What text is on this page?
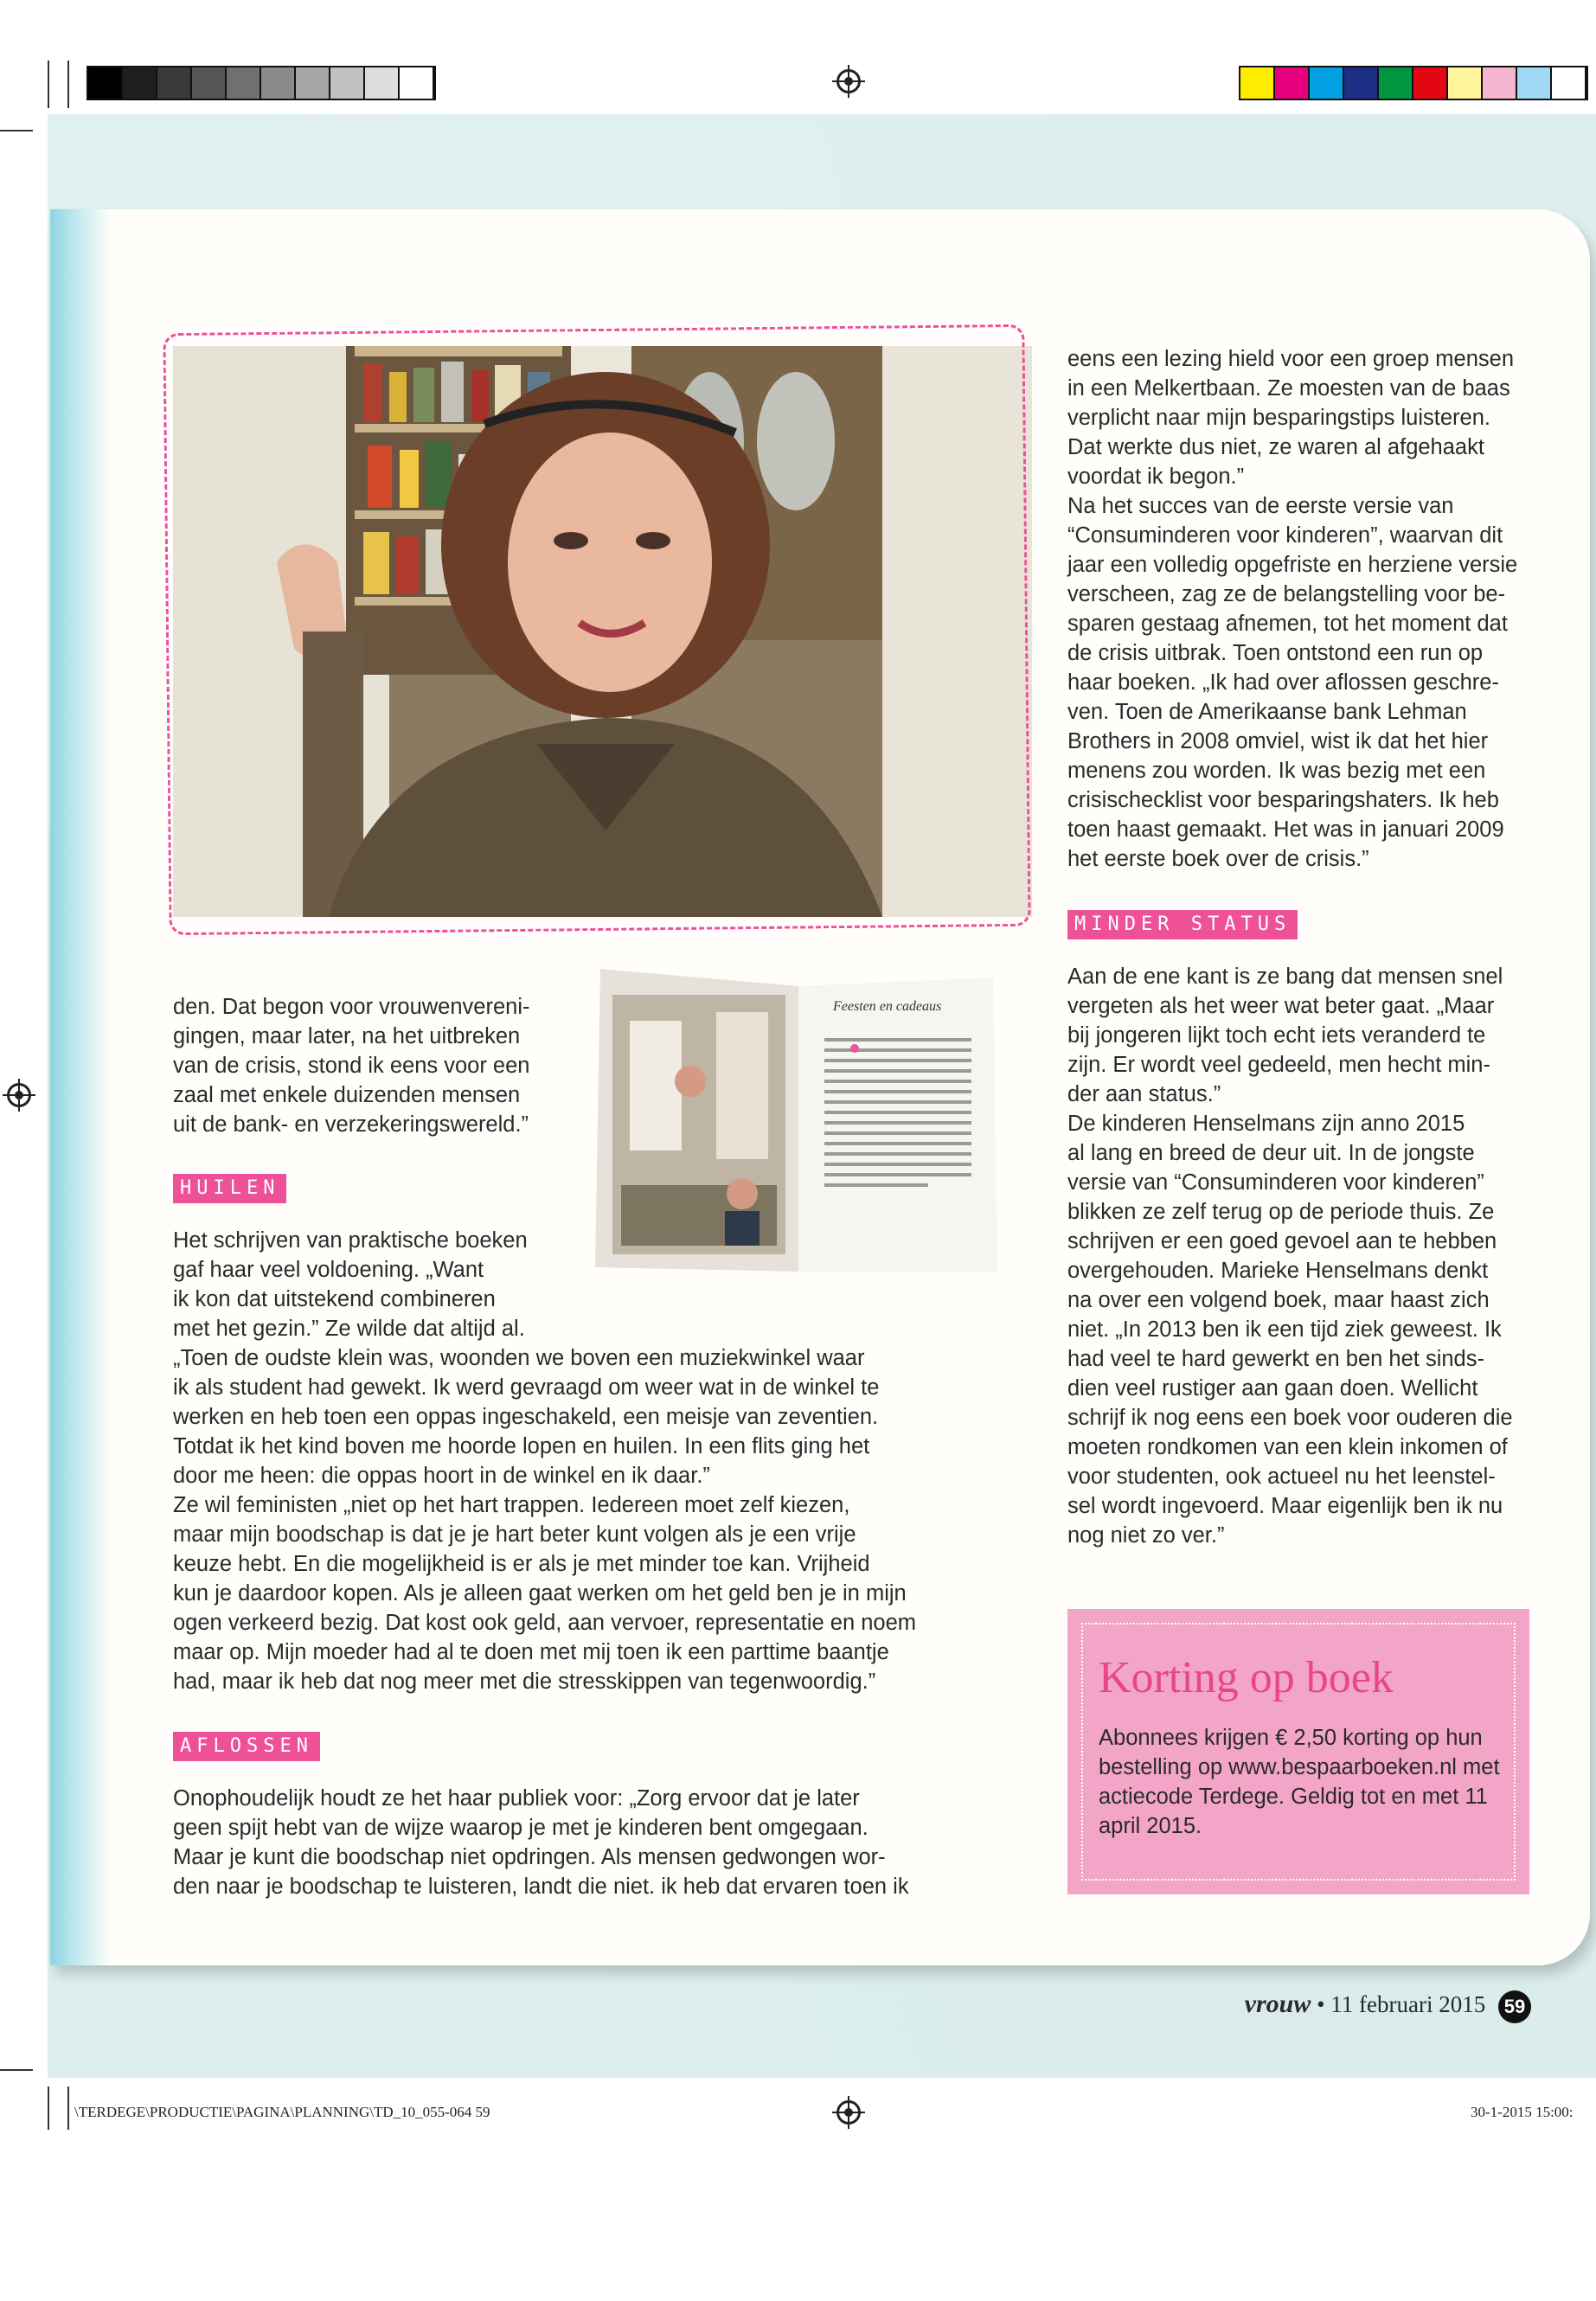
eens een lezing hield voor een groep mensen
in een Melkertbaan. Ze moesten van de baas
verplicht naar mijn besparingstips luisteren.
Dat werkte dus niet, ze waren al afgehaakt
voordat ik begon.”
Na het succes van de eerste versie van
“Consuminderen voor kinderen”, waarvan dit
jaar een volledig opgefriste en herziene versie
verscheen, zag ze de belangstelling voor be-
sparen gestaag afnemen, tot het moment dat
de crisis uitbrak. Toen ontstond een run op
haar boeken. „Ik had over aflossen geschre-
ven. Toen de Amerikaanse bank Lehman
Brothers in 2008 omviel, wist ik dat het hier
menens zou worden. Ik was bezig met een
crisischecklist voor besparingshaters. Ik heb
toen haast gemaakt. Het was in januari 2009
het eerste boek over de crisis.”
MINDER STATUS
Aan de ene kant is ze bang dat mensen snel
vergeten als het weer wat beter gaat. „Maar
bij jongeren lijkt toch echt iets veranderd te
zijn. Er wordt veel gedeeld, men hecht min-
der aan status.”
De kinderen Henselmans zijn anno 2015
al lang en breed de deur uit. In de jongste
versie van “Consuminderen voor kinderen”
blikken ze zelf terug op de periode thuis. Ze
schrijven er een goed gevoel aan te hebben
overgehouden. Marieke Henselmans denkt
na over een volgend boek, maar haast zich
niet. „In 2013 ben ik een tijd ziek geweest. Ik
had veel te hard gewerkt en ben het sinds-
dien veel rustiger aan gaan doen. Wellicht
schrijf ik nog eens een boek voor ouderen die
moeten rondkomen van een klein inkomen of
voor studenten, ook actueel nu het leenstel-
sel wordt ingevoerd. Maar eigenlijk ben ik nu
nog niet zo ver.”
Feesten en cadeaus
den. Dat begon voor vrouwenvereni-
gingen, maar later, na het uitbreken
van de crisis, stond ik eens voor een
zaal met enkele duizenden mensen
uit de bank- en verzekeringswereld.”
HUILEN
Het schrijven van praktische boeken
gaf haar veel voldoening. „Want
ik kon dat uitstekend combineren
met het gezin.” Ze wilde dat altijd al.
„Toen de oudste klein was, woonden we boven een muziekwinkel waar
ik als student had gewekt. Ik werd gevraagd om weer wat in de winkel te
werken en heb toen een oppas ingeschakeld, een meisje van zeventien.
Totdat ik het kind boven me hoorde lopen en huilen. In een flits ging het
door me heen: die oppas hoort in de winkel en ik daar.”
Ze wil feministen „niet op het hart trappen. Iedereen moet zelf kiezen,
maar mijn boodschap is dat je je hart beter kunt volgen als je een vrije
keuze hebt. En die mogelijkheid is er als je met minder toe kan. Vrijheid
kun je daardoor kopen. Als je alleen gaat werken om het geld ben je in mijn
ogen verkeerd bezig. Dat kost ook geld, aan vervoer, representatie en noem
maar op. Mijn moeder had al te doen met mij toen ik een parttime baantje
had, maar ik heb dat nog meer met die stresskippen van tegenwoordig.”
AFLOSSEN
Onophoudelijk houdt ze het haar publiek voor: „Zorg ervoor dat je later
geen spijt hebt van de wijze waarop je met je kinderen bent omgegaan.
Maar je kunt die boodschap niet opdringen. Als mensen gedwongen wor-
den naar je boodschap te luisteren, landt die niet. ik heb dat ervaren toen ik
Korting op boek

Abonnees krijgen € 2,50 korting op hun bestelling op www.bespaarboeken.nl met actiecode Terdege. Geldig tot en met 11 april 2015.

vrouw • 11 februari 2015 59
\TERDEGE\PRODUCTIE\PAGINA\PLANNING\TD_10_055-064 59	30-1-2015 15:00:
